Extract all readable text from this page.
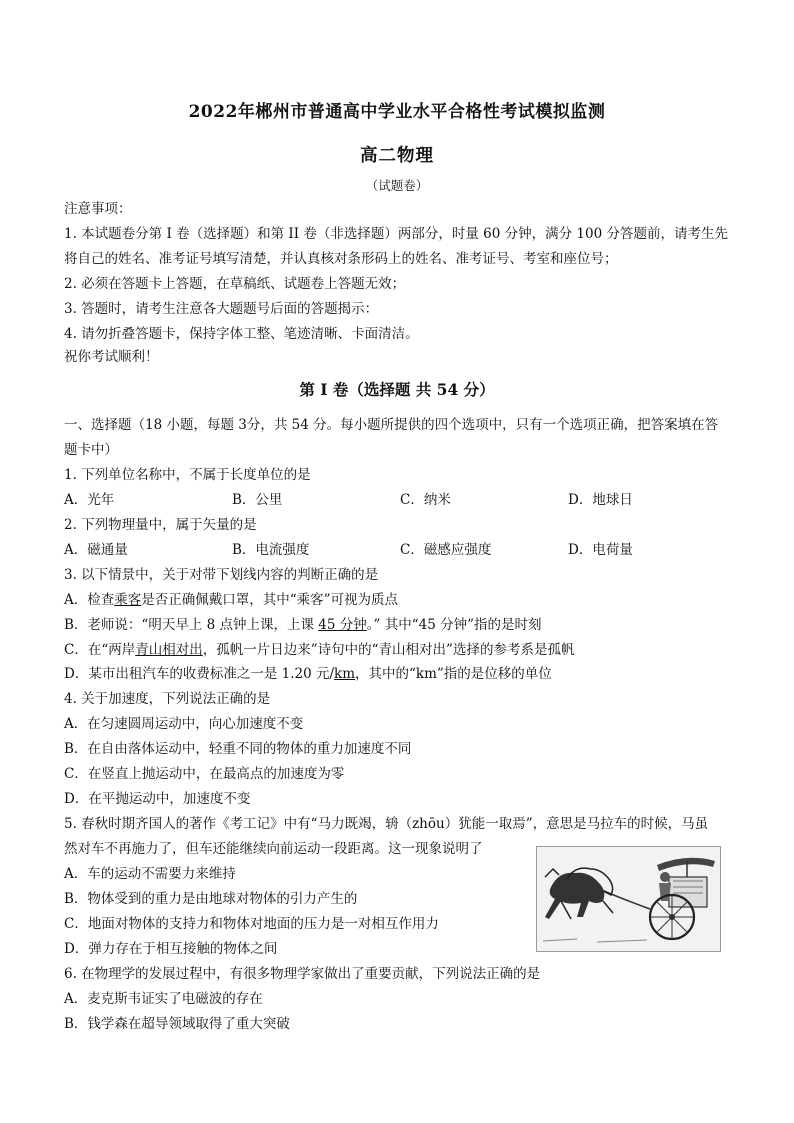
2022年郴州市普通高中学业水平合格性考试模拟监测
高二物理
（试题卷）
注意事项：
1. 本试题卷分第 I 卷（选择题）和第 II 卷（非选择题）两部分，时量 60 分钟，满分 100 分答题前，请考生先
将自己的姓名、准考证号填写清楚，并认真核对条形码上的姓名、准考证号、考室和座位号；
2. 必须在答题卡上答题，在草稿纸、试题卷上答题无效；
3. 答题时，请考生注意各大题题号后面的答题揭示：
4. 请勿折叠答题卡，保持字体工整、笔迹清晰、卡面清洁。
祝你考试顺利！
第 I 卷（选择题 共 54 分）
一、选择题（18 小题，每题 3分，共 54 分。每小题所提供的四个选项中，只有一个选项正确，把答案填在答
题卡中）
1. 下列单位名称中，不属于长度单位的是
A．光年	B．公里	C．纳米	D．地球日
2. 下列物理量中，属于矢量的是
A．磁通量	B．电流强度	C．磁感应强度	D．电荷量
3. 以下情景中，关于对带下划线内容的判断正确的是
A．检查乘客是否正确佩戴口罩，其中“乘客”可视为质点
B．老师说：“明天早上 8 点钟上课，上课 45 分钟。” 其中“45 分钟”指的是时刻
C．在“两岸青山相对出，孤帆一片日边来”诗句中的“青山相对出”选择的参考系是孤帆
D．某市出租汽车的收费标准之一是 1.20 元/km，其中的“km”指的是位移的单位
4. 关于加速度，下列说法正确的是
A．在匀速圆周运动中，向心加速度不变
B．在自由落体运动中，轻重不同的物体的重力加速度不同
C．在竖直上抛运动中，在最高点的加速度为零
D．在平抛运动中，加速度不变
5. 春秋时期齐国人的著作《考工记》中有“马力既竭，辀（zhōu）犹能一取焉”，意思是马拉车的时候，马虽
然对车不再施力了，但车还能继续向前运动一段距离。这一现象说明了
A．车的运动不需要力来维持
B．物体受到的重力是由地球对物体的引力产生的
C．地面对物体的支持力和物体对地面的压力是一对相互作用力
D．弹力存在于相互接触的物体之间
6. 在物理学的发展过程中，有很多物理学家做出了重要贡献，下列说法正确的是
A．麦克斯韦证实了电磁波的存在
B．钱学森在超导领域取得了重大突破
